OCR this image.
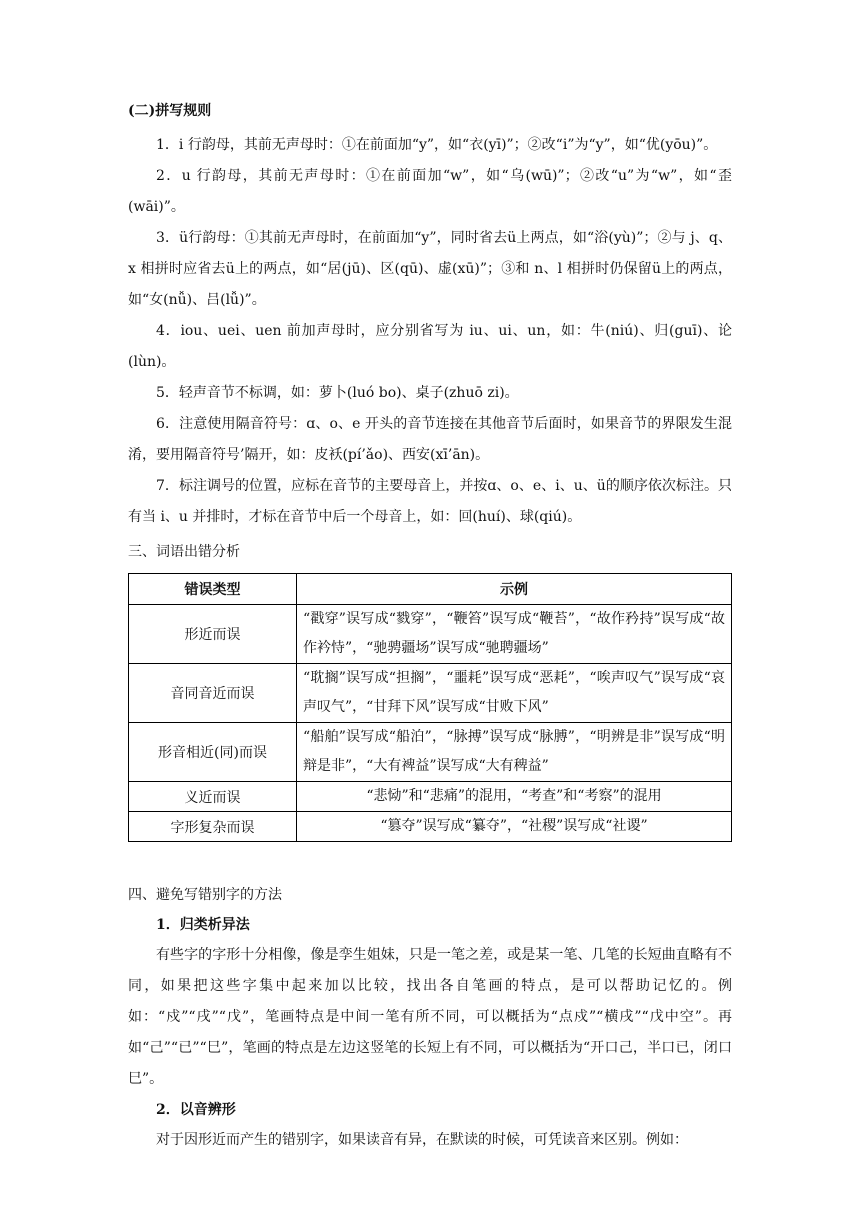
(二)拼写规则

1．i 行韵母，其前无声母时：①在前面加“y”，如“衣(yī)”；②改“i”为“y”，如“优(yōu)”。

2．u 行韵母，其前无声母时：①在前面加“w”，如“乌(wū)”；②改“u”为“w”，如“歪(wāi)”。

3．ü行韵母：①其前无声母时，在前面加“y”，同时省去ü上两点，如“浴(yù)”；②与 j、q、x 相拼时应省去ü上的两点，如“居(jū)、区(qū)、虚(xū)”；③和 n、l 相拼时仍保留ü上的两点，如“女(nǚ)、吕(lǚ)”。

4．iou、uei、uen 前加声母时，应分别省写为 iu、ui、un，如：牛(niú)、归(guī)、论(lùn)。

5．轻声音节不标调，如：萝卜(luó bo)、桌子(zhuō zi)。

6．注意使用隔音符号：ɑ、o、e 开头的音节连接在其他音节后面时，如果音节的界限发生混淆，要用隔音符号’隔开，如：皮袄(pí’ǎo)、西安(xī’ān)。

7．标注调号的位置，应标在音节的主要母音上，并按ɑ、o、e、i、u、ü的顺序依次标注。只有当 i、u 并排时，才标在音节中后一个母音上，如：回(huí)、球(qiú)。

三、词语出错分析

错误类型	示例
形近而误	“戳穿”误写成“戮穿”，“鞭笞”误写成“鞭苔”，“故作矜持”误写成“故作衿恃”，“驰骋疆场”误写成“驰聘疆场”
音同音近而误	“耽搁”误写成“担搁”，“噩耗”误写成“恶耗”，“唉声叹气”误写成“哀声叹气”，“甘拜下风”误写成“甘败下风”
形音相近(同)而误	“船舶”误写成“船泊”，“脉搏”误写成“脉膊”，“明辨是非”误写成“明辩是非”，“大有裨益”误写成“大有稗益”
义近而误	“悲恸”和“悲痛”的混用，“考查”和“考察”的混用
字形复杂而误	“篡夺”误写成“纂夺”，“社稷”误写成“社谡”

四、避免写错别字的方法

1．归类析异法

有些字的字形十分相像，像是孪生姐妹，只是一笔之差，或是某一笔、几笔的长短曲直略有不同，如果把这些字集中起来加以比较，找出各自笔画的特点，是可以帮助记忆的。例如：“戍”“戌”“戊”，笔画特点是中间一笔有所不同，可以概括为“点戍”“横戌”“戊中空”。再如“己”“已”“巳”，笔画的特点是左边这竖笔的长短上有不同，可以概括为“开口己，半口已，闭口巳”。

2．以音辨形

对于因形近而产生的错别字，如果读音有异，在默读的时候，可凭读音来区别。例如：
